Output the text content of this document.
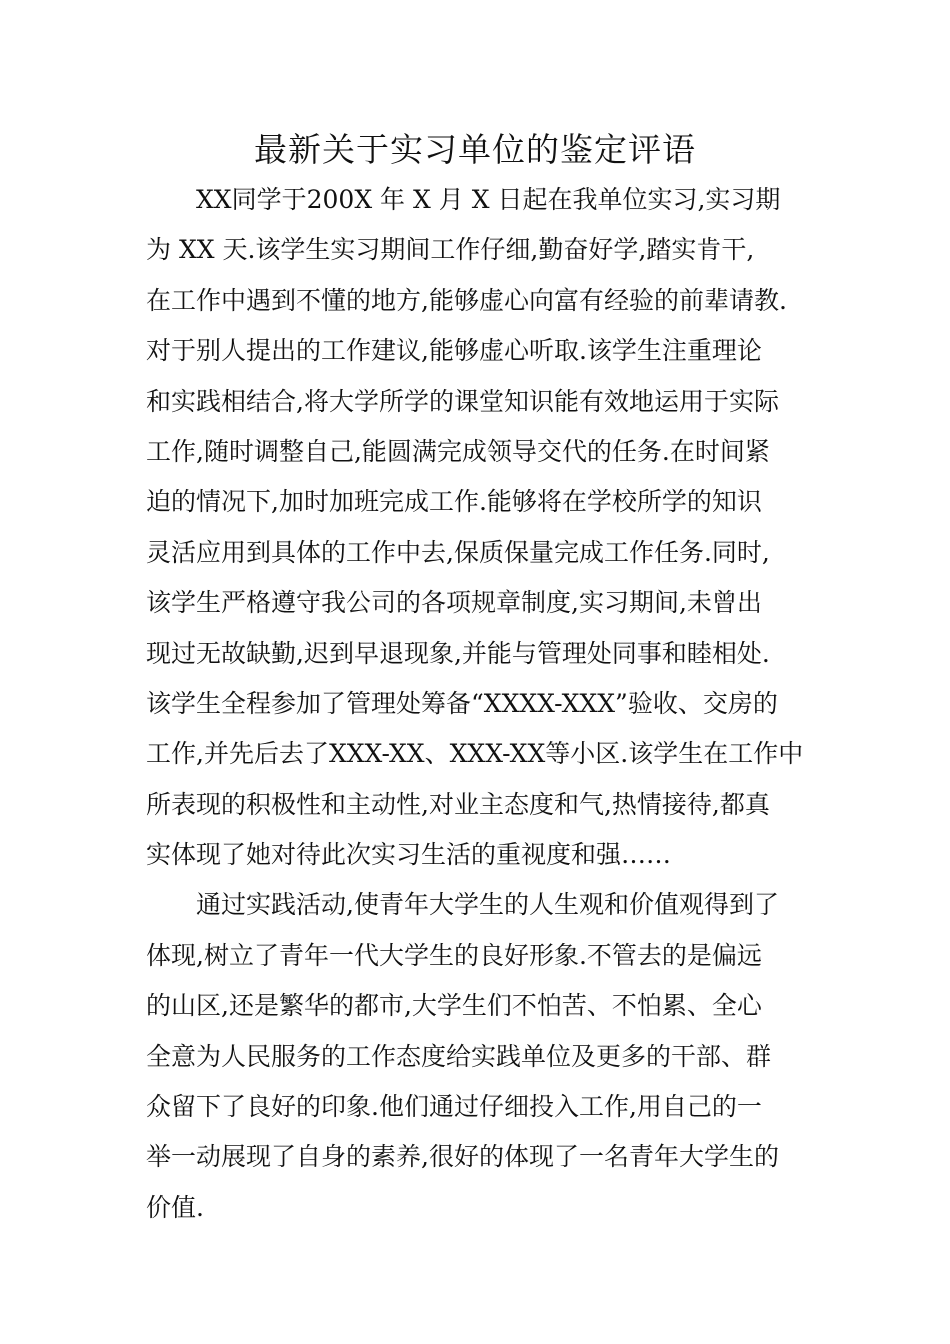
最新关于实习单位的鉴定评语

XX同学于200X 年 X 月 X 日起在我单位实习,实习期
为 XX 天.该学生实习期间工作仔细,勤奋好学,踏实肯干,
在工作中遇到不懂的地方,能够虚心向富有经验的前辈请教.
对于别人提出的工作建议,能够虚心听取.该学生注重理论
和实践相结合,将大学所学的课堂知识能有效地运用于实际
工作,随时调整自己,能圆满完成领导交代的任务.在时间紧
迫的情况下,加时加班完成工作.能够将在学校所学的知识
灵活应用到具体的工作中去,保质保量完成工作任务.同时,
该学生严格遵守我公司的各项规章制度,实习期间,未曾出
现过无故缺勤,迟到早退现象,并能与管理处同事和睦相处.
该学生全程参加了管理处筹备“XXXX-XXX”验收、交房的
工作,并先后去了XXX-XX、XXX-XX等小区.该学生在工作中
所表现的积极性和主动性,对业主态度和气,热情接待,都真
实体现了她对待此次实习生活的重视度和强……

通过实践活动,使青年大学生的人生观和价值观得到了
体现,树立了青年一代大学生的良好形象.不管去的是偏远
的山区,还是繁华的都市,大学生们不怕苦、不怕累、全心
全意为人民服务的工作态度给实践单位及更多的干部、群
众留下了良好的印象.他们通过仔细投入工作,用自己的一
举一动展现了自身的素养,很好的体现了一名青年大学生的
价值.
